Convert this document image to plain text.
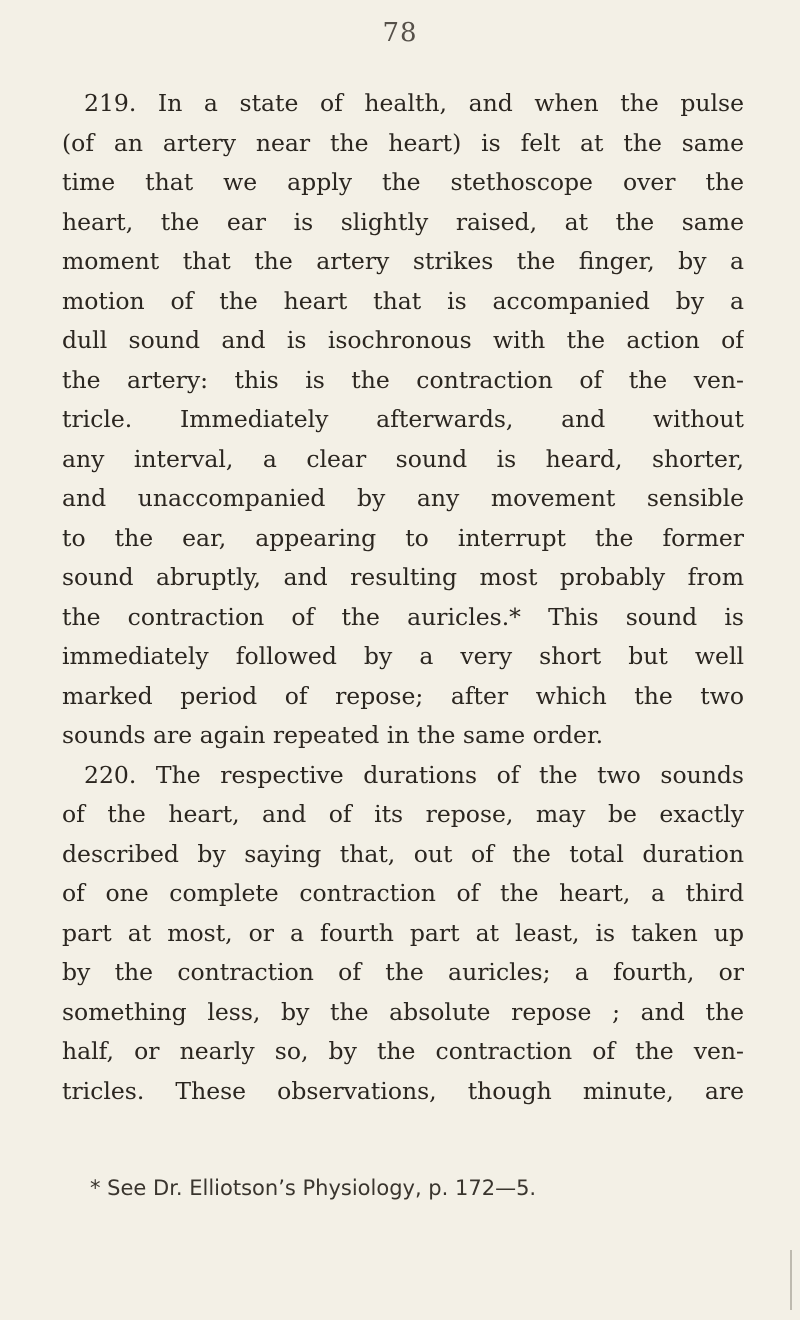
78
219. In a state of health, and when the pulse
(of an artery near the heart) is felt at the same
time that we apply the stethoscope over the
heart, the ear is slightly raised, at the same
moment that the artery strikes the finger, by a
motion of the heart that is accompanied by a
dull sound and is isochronous with the action of
the artery: this is the contraction of the ven-
tricle. Immediately afterwards, and without
any interval, a clear sound is heard, shorter,
and unaccompanied by any movement sensible
to the ear, appearing to interrupt the former
sound abruptly, and resulting most probably from
the contraction of the auricles.* This sound is
immediately followed by a very short but well
marked period of repose; after which the two
sounds are again repeated in the same order.
220. The respective durations of the two sounds
of the heart, and of its repose, may be exactly
described by saying that, out of the total duration
of one complete contraction of the heart, a third
part at most, or a fourth part at least, is taken up
by the contraction of the auricles; a fourth, or
something less, by the absolute repose ; and the
half, or nearly so, by the contraction of the ven-
tricles. These observations, though minute, are
* See Dr. Elliotson’s Physiology, p. 172—5.
